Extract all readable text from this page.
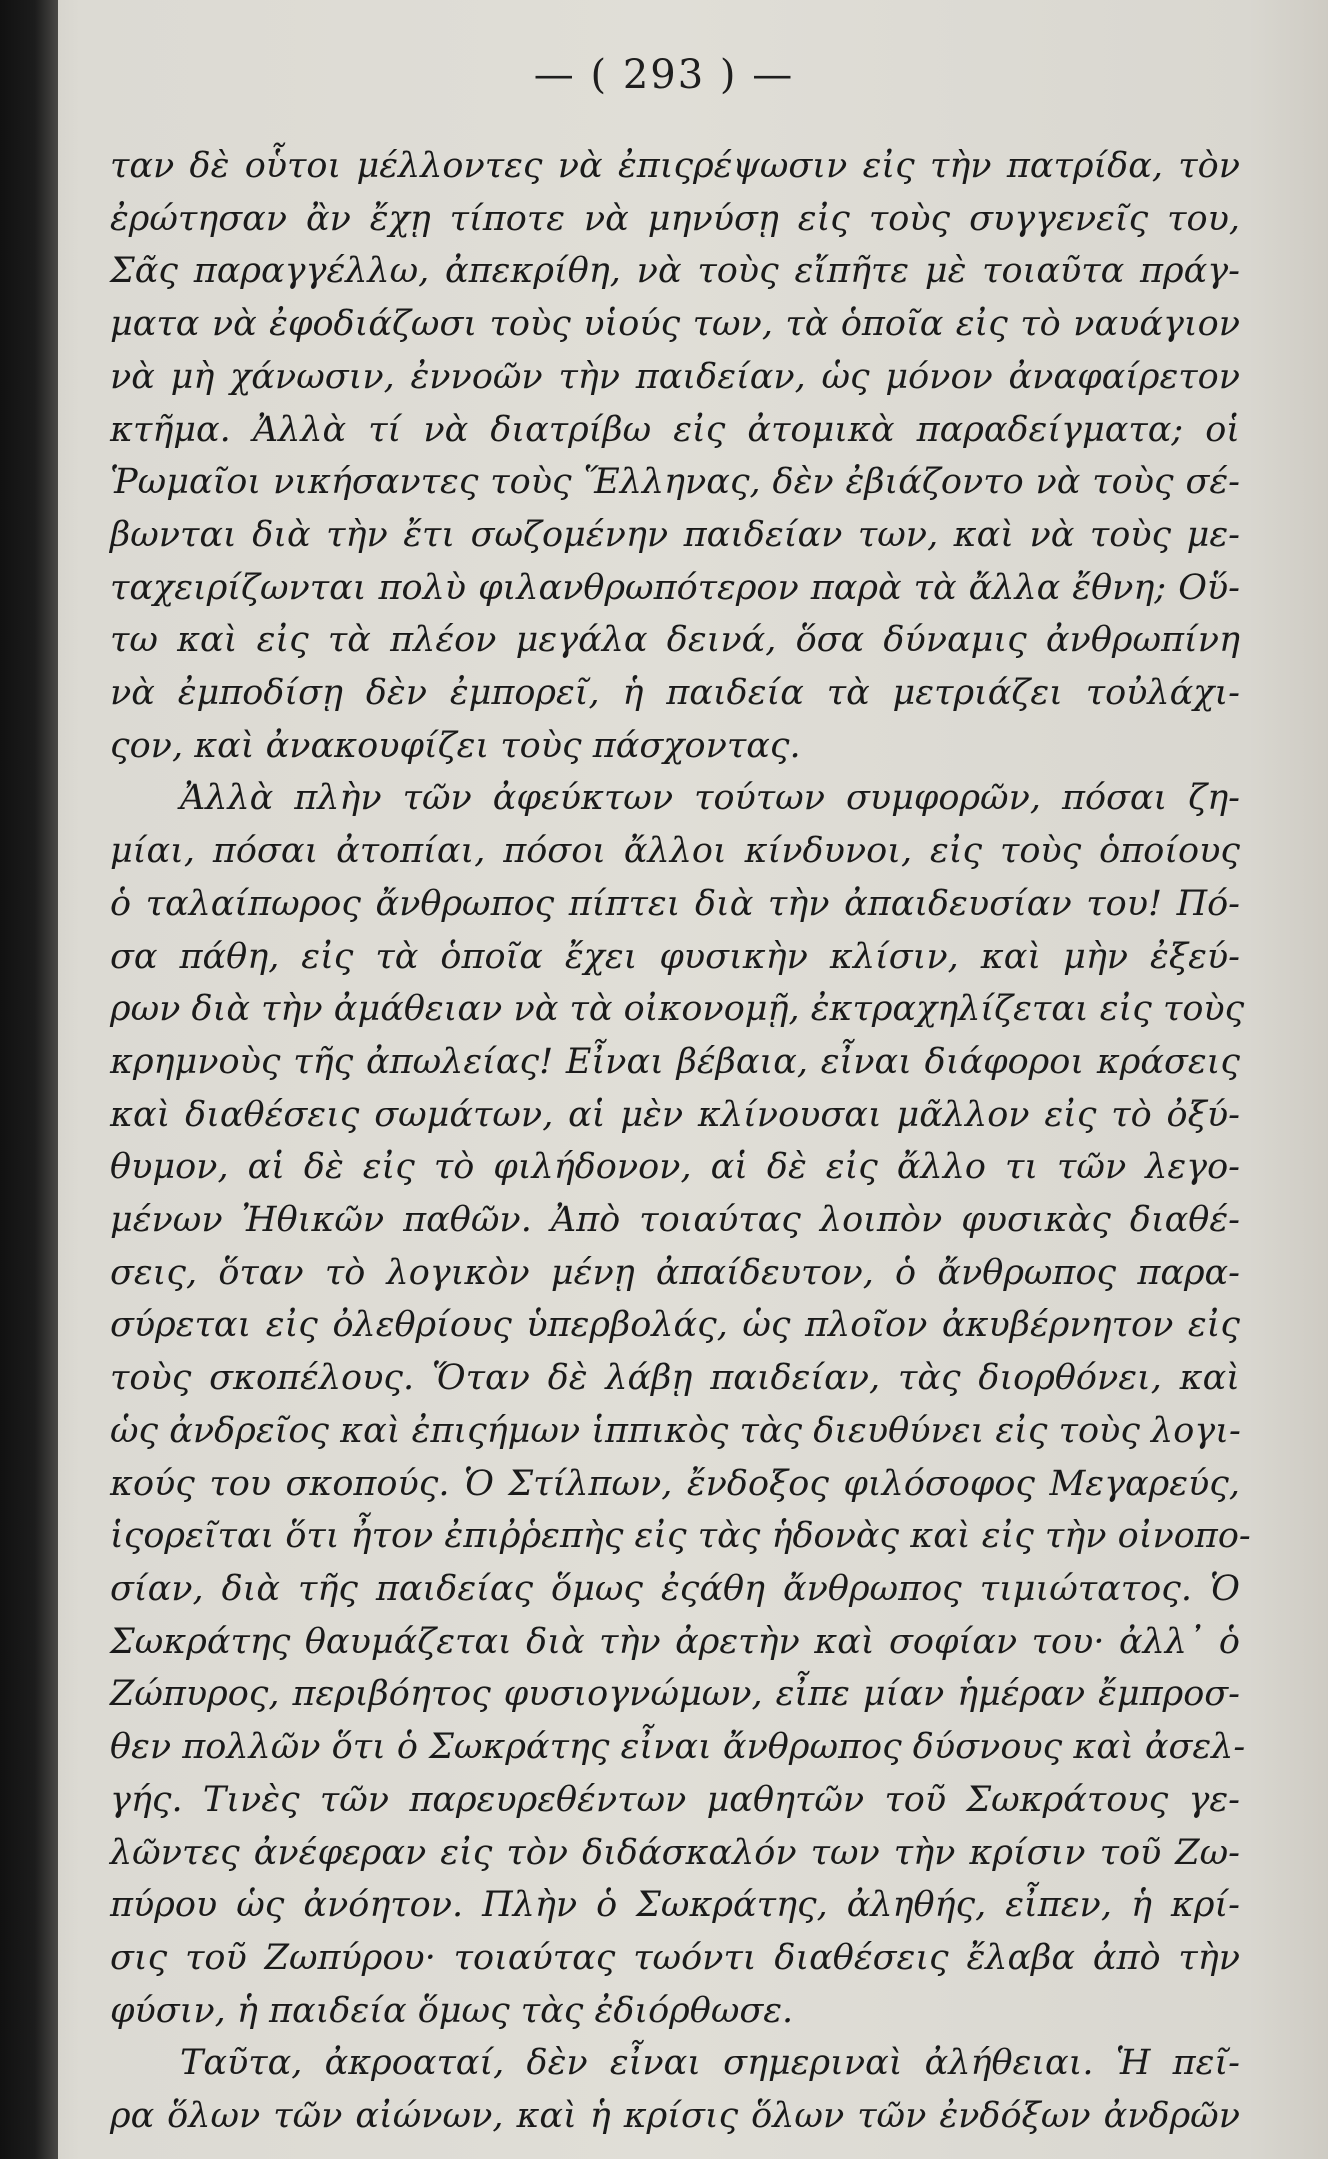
— ( 293 ) —
ταν δὲ οὗτοι μέλλοντες νὰ ἐπιςρέψωσιν εἰς τὴν πατρίδα, τὸν
ἐρώτησαν ἂν ἔχῃ τίποτε νὰ μηνύσῃ εἰς τοὺς συγγενεῖς του,
Σᾶς παραγγέλλω, ἀπεκρίθη, νὰ τοὺς εἴπῆτε μὲ τοιαῦτα πράγ-
ματα νὰ ἐφοδιάζωσι τοὺς υἱούς των, τὰ ὁποῖα εἰς τὸ ναυάγιον
νὰ μὴ χάνωσιν, ἐννοῶν τὴν παιδείαν, ὡς μόνον ἀναφαίρετον
κτῆμα. Ἀλλὰ τί νὰ διατρίβω εἰς ἀτομικὰ παραδείγματα; οἱ
Ῥωμαῖοι νικήσαντες τοὺς Ἕλληνας, δὲν ἐβιάζοντο νὰ τοὺς σέ-
βωνται διὰ τὴν ἔτι σωζομένην παιδείαν των, καὶ νὰ τοὺς με-
ταχειρίζωνται πολὺ φιλανθρωπότερον παρὰ τὰ ἄλλα ἔθνη; Οὕ-
τω καὶ εἰς τὰ πλέον μεγάλα δεινά, ὅσα δύναμις ἀνθρωπίνη
νὰ ἐμποδίσῃ δὲν ἐμπορεῖ, ἡ παιδεία τὰ μετριάζει τοὐλάχι-
ςον, καὶ ἀνακουφίζει τοὺς πάσχοντας.
Ἀλλὰ πλὴν τῶν ἀφεύκτων τούτων συμφορῶν, πόσαι ζη-
μίαι, πόσαι ἀτοπίαι, πόσοι ἄλλοι κίνδυνοι, εἰς τοὺς ὁποίους
ὁ ταλαίπωρος ἄνθρωπος πίπτει διὰ τὴν ἀπαιδευσίαν του! Πό-
σα πάθη, εἰς τὰ ὁποῖα ἔχει φυσικὴν κλίσιν, καὶ μὴν ἐξεύ-
ρων διὰ τὴν ἀμάθειαν νὰ τὰ οἰκονομῇ, ἐκτραχηλίζεται εἰς τοὺς
κρημνοὺς τῆς ἀπωλείας! Εἶναι βέβαια, εἶναι διάφοροι κράσεις
καὶ διαθέσεις σωμάτων, αἱ μὲν κλίνουσαι μᾶλλον εἰς τὸ ὀξύ-
θυμον, αἱ δὲ εἰς τὸ φιλήδονον, αἱ δὲ εἰς ἄλλο τι τῶν λεγο-
μένων Ἠθικῶν παθῶν. Ἀπὸ τοιαύτας λοιπὸν φυσικὰς διαθέ-
σεις, ὅταν τὸ λογικὸν μένῃ ἀπαίδευτον, ὁ ἄνθρωπος παρα-
σύρεται εἰς ὀλεθρίους ὑπερβολάς, ὡς πλοῖον ἀκυβέρνητον εἰς
τοὺς σκοπέλους. Ὅταν δὲ λάβῃ παιδείαν, τὰς διορθόνει, καὶ
ὡς ἀνδρεῖος καὶ ἐπιςήμων ἱππικὸς τὰς διευθύνει εἰς τοὺς λογι-
κούς του σκοπούς. Ὁ Στίλπων, ἔνδοξος φιλόσοφος Μεγαρεύς,
ἱςορεῖται ὅτι ἦτον ἐπιῤῥεπὴς εἰς τὰς ἡδονὰς καὶ εἰς τὴν οἰνοπο-
σίαν, διὰ τῆς παιδείας ὅμως ἐςάθη ἄνθρωπος τιμιώτατος. Ὁ
Σωκράτης θαυμάζεται διὰ τὴν ἀρετὴν καὶ σοφίαν του· ἀλλ᾽ ὁ
Ζώπυρος, περιβόητος φυσιογνώμων, εἶπε μίαν ἡμέραν ἔμπροσ-
θεν πολλῶν ὅτι ὁ Σωκράτης εἶναι ἄνθρωπος δύσνους καὶ ἀσελ-
γής. Τινὲς τῶν παρευρεθέντων μαθητῶν τοῦ Σωκράτους γε-
λῶντες ἀνέφεραν εἰς τὸν διδάσκαλόν των τὴν κρίσιν τοῦ Ζω-
πύρου ὡς ἀνόητον. Πλὴν ὁ Σωκράτης, ἀληθής, εἶπεν, ἡ κρί-
σις τοῦ Ζωπύρου· τοιαύτας τωόντι διαθέσεις ἔλαβα ἀπὸ τὴν
φύσιν, ἡ παιδεία ὅμως τὰς ἐδιόρθωσε.
Ταῦτα, ἀκροαταί, δὲν εἶναι σημεριναὶ ἀλήθειαι. Ἡ πεῖ-
ρα ὅλων τῶν αἰώνων, καὶ ἡ κρίσις ὅλων τῶν ἐνδόξων ἀνδρῶν
